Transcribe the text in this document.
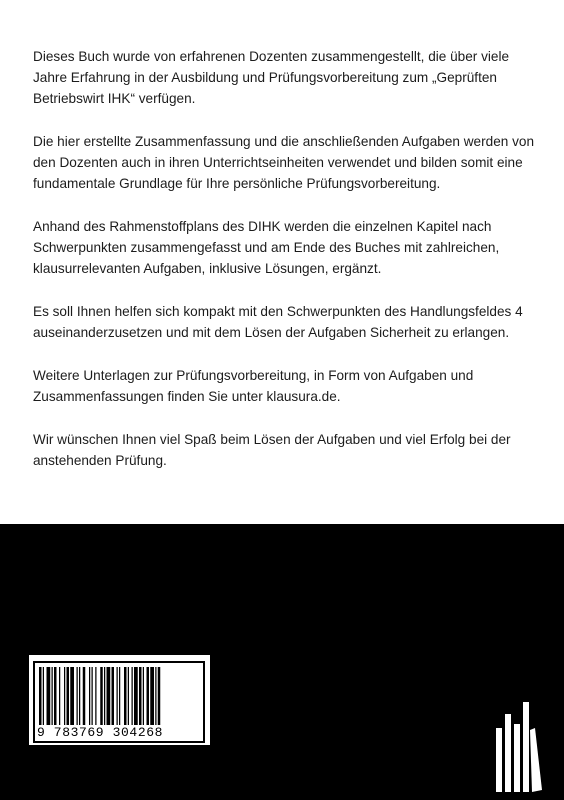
Dieses Buch wurde von erfahrenen Dozenten zusammengestellt, die über viele Jahre Erfahrung in der Ausbildung und Prüfungsvorbereitung zum „Geprüften Betriebswirt IHK“ verfügen.

Die hier erstellte Zusammenfassung und die anschließenden Aufgaben werden von den Dozenten auch in ihren Unterrichtseinheiten verwendet und bilden somit eine fundamentale Grundlage für Ihre persönliche Prüfungsvorbereitung.

Anhand des Rahmenstoffplans des DIHK werden die einzelnen Kapitel nach Schwerpunkten zusammengefasst und am Ende des Buches mit zahlreichen, klausurrelevanten Aufgaben, inklusive Lösungen, ergänzt.

Es soll Ihnen helfen sich kompakt mit den Schwerpunkten des Handlungsfeldes 4 auseinanderzusetzen und mit dem Lösen der Aufgaben Sicherheit zu erlangen.

Weitere Unterlagen zur Prüfungsvorbereitung, in Form von Aufgaben und Zusammenfassungen finden Sie unter klausura.de.

Wir wünschen Ihnen viel Spaß beim Lösen der Aufgaben und viel Erfolg bei der anstehenden Prüfung.

9 783769 304268
